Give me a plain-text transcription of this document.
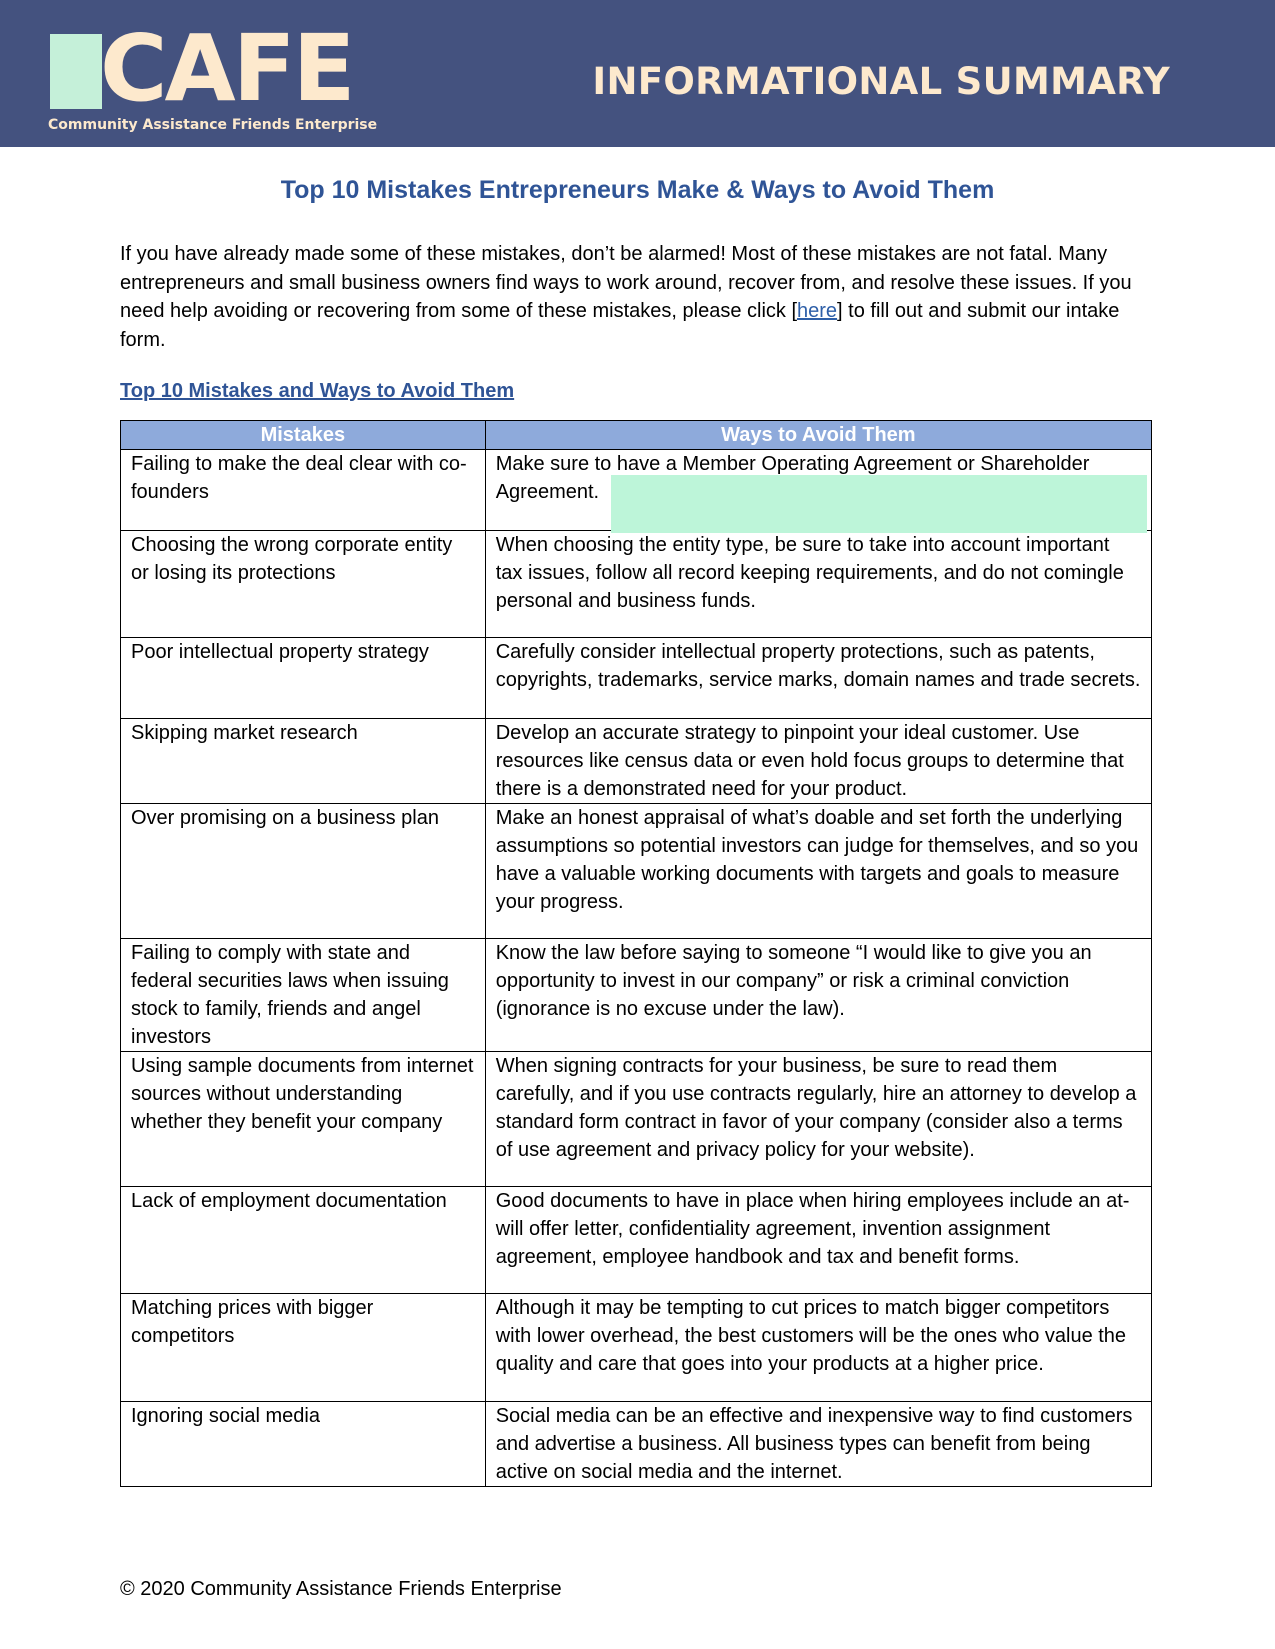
CAFE
Community Assistance Friends Enterprise
INFORMATIONAL SUMMARY
Top 10 Mistakes Entrepreneurs Make & Ways to Avoid Them
If you have already made some of these mistakes, don’t be alarmed! Most of these mistakes are not fatal. Many entrepreneurs and small business owners find ways to work around, recover from, and resolve these issues. If you need help avoiding or recovering from some of these mistakes, please click [here] to fill out and submit our intake form.
Top 10 Mistakes and Ways to Avoid Them
Mistakes	Ways to Avoid Them
Failing to make the deal clear with co-founders	Make sure to have a Member Operating Agreement or Shareholder Agreement.
Choosing the wrong corporate entity or losing its protections	When choosing the entity type, be sure to take into account important tax issues, follow all record keeping requirements, and do not comingle personal and business funds.
Poor intellectual property strategy	Carefully consider intellectual property protections, such as patents, copyrights, trademarks, service marks, domain names and trade secrets.
Skipping market research	Develop an accurate strategy to pinpoint your ideal customer. Use resources like census data or even hold focus groups to determine that there is a demonstrated need for your product.
Over promising on a business plan	Make an honest appraisal of what’s doable and set forth the underlying assumptions so potential investors can judge for themselves, and so you have a valuable working documents with targets and goals to measure your progress.
Failing to comply with state and federal securities laws when issuing stock to family, friends and angel investors	Know the law before saying to someone “I would like to give you an opportunity to invest in our company” or risk a criminal conviction (ignorance is no excuse under the law).
Using sample documents from internet sources without understanding whether they benefit your company	When signing contracts for your business, be sure to read them carefully, and if you use contracts regularly, hire an attorney to develop a standard form contract in favor of your company (consider also a terms of use agreement and privacy policy for your website).
Lack of employment documentation	Good documents to have in place when hiring employees include an at-will offer letter, confidentiality agreement, invention assignment agreement, employee handbook and tax and benefit forms.
Matching prices with bigger competitors	Although it may be tempting to cut prices to match bigger competitors with lower overhead, the best customers will be the ones who value the quality and care that goes into your products at a higher price.
Ignoring social media	Social media can be an effective and inexpensive way to find customers and advertise a business. All business types can benefit from being active on social media and the internet.
© 2020 Community Assistance Friends Enterprise
